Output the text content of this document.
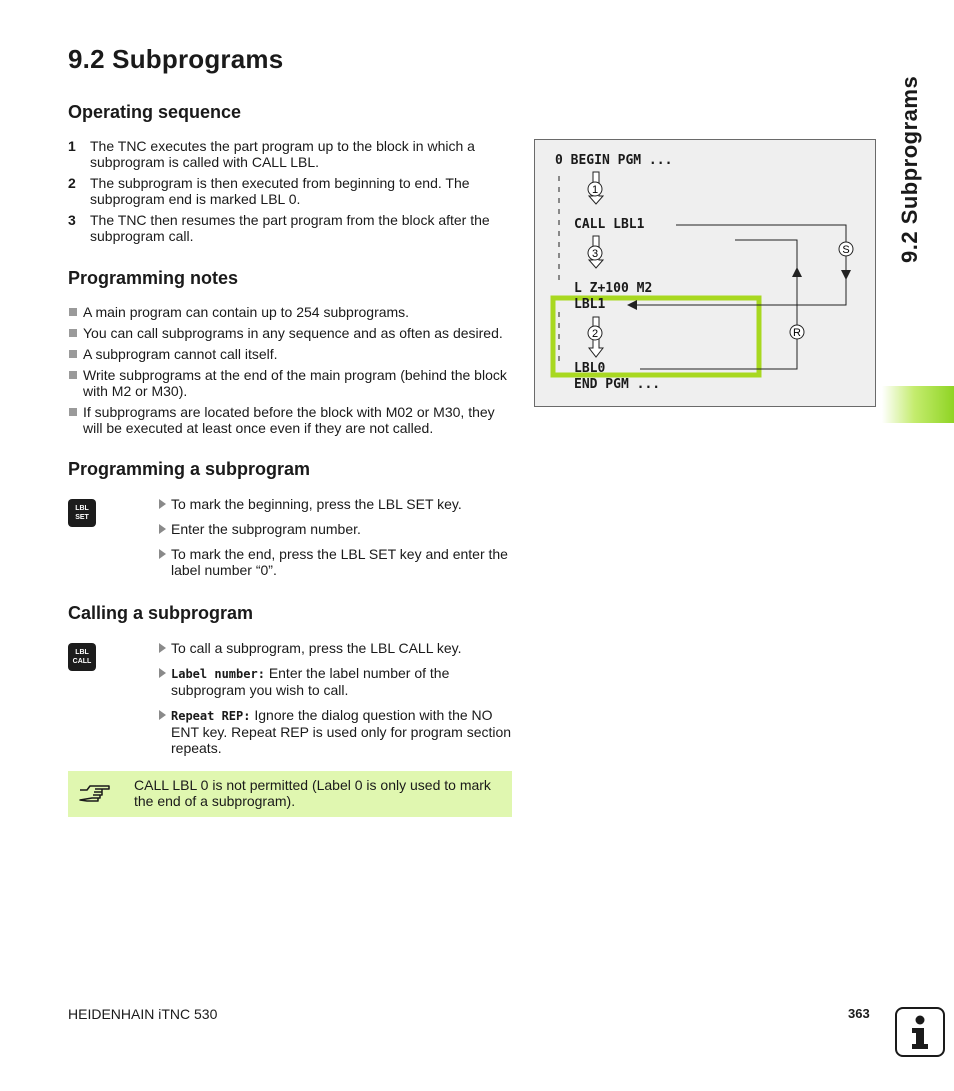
9.2 Subprograms
Operating sequence
1	The TNC executes the part program up to the block in which a subprogram is called with CALL LBL.
2	The subprogram is then executed from beginning to end. The subprogram end is marked LBL 0.
3	The TNC then resumes the part program from the block after the subprogram call.
Programming notes
A main program can contain up to 254 subprograms.
You can call subprograms in any sequence and as often as desired.
A subprogram cannot call itself.
Write subprograms at the end of the main program (behind the block with M2 or M30).
If subprograms are located before the block with M02 or M30, they will be executed at least once even if they are not called.
Programming a subprogram
LBL
SET
To mark the beginning, press the LBL SET key.
Enter the subprogram number.
To mark the end, press the LBL SET key and enter the label number “0”.
Calling a subprogram
LBL
CALL
To call a subprogram, press the LBL CALL key.
Label number: Enter the label number of the subprogram you wish to call.
Repeat REP: Ignore the dialog question with the NO ENT key. Repeat REP is used only for program section repeats.
CALL LBL 0 is not permitted (Label 0 is only used to mark the end of a subprogram).
0 BEGIN PGM ...
CALL LBL1
L Z+100 M2
LBL1
LBL0
END PGM ...
1
3
2
S
R
9.2 Subprograms
HEIDENHAIN iTNC 530	363
